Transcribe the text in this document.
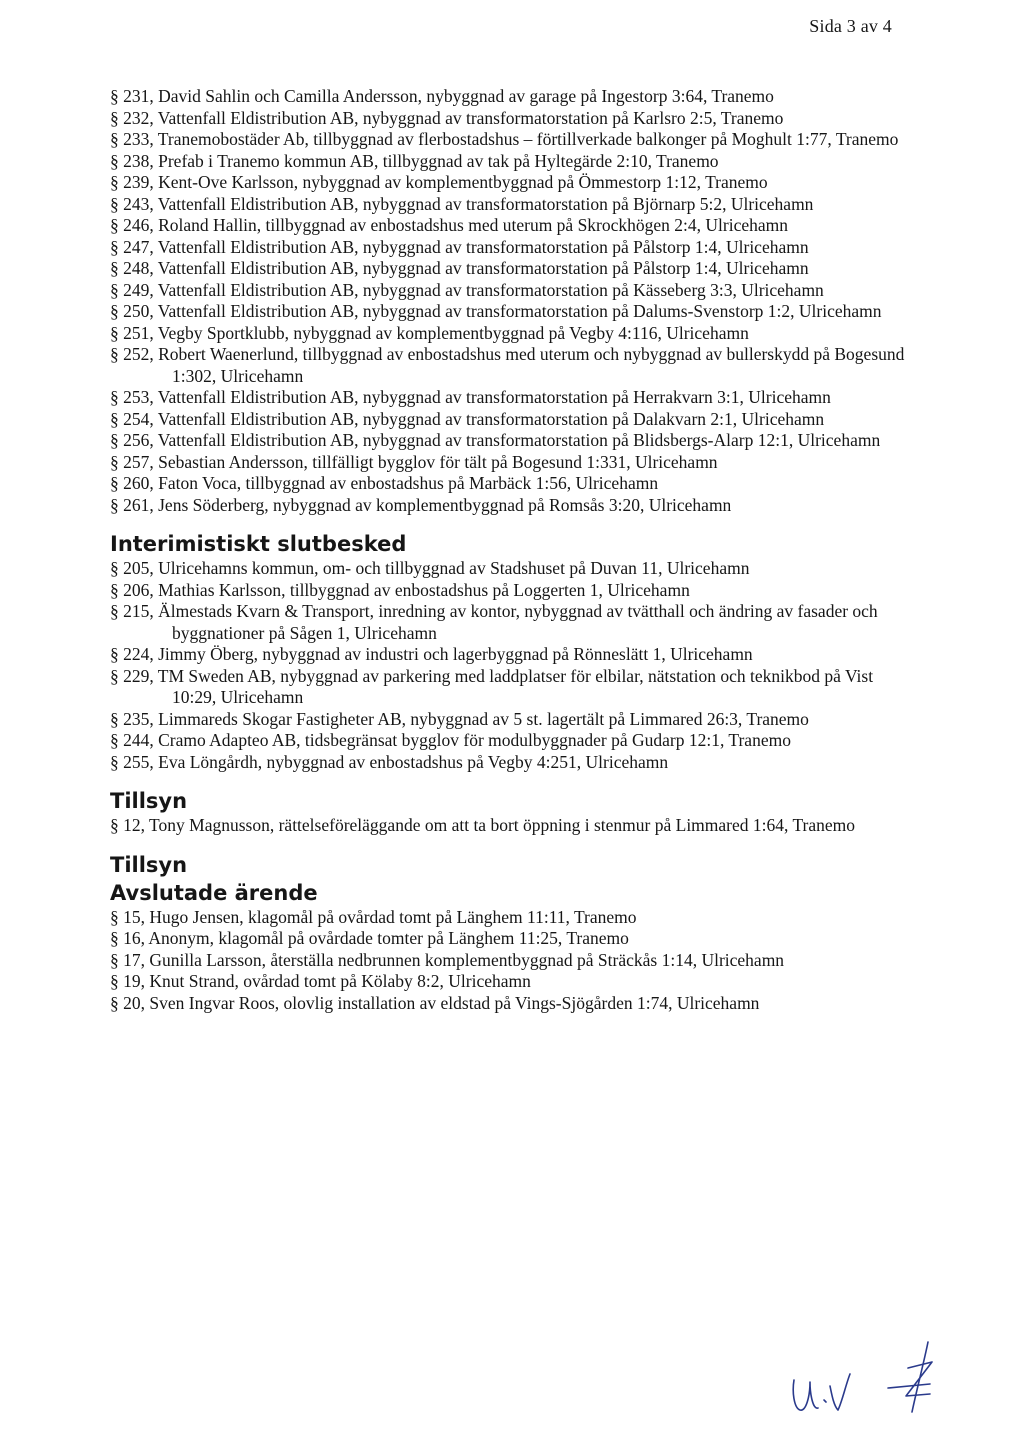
Sida 3 av 4

§ 231, David Sahlin och Camilla Andersson, nybyggnad av garage på Ingestorp 3:64, Tranemo

§ 232, Vattenfall Eldistribution AB, nybyggnad av transformatorstation på Karlsro 2:5, Tranemo

§ 233, Tranemobostäder Ab, tillbyggnad av flerbostadshus – förtillverkade balkonger på Moghult 1:77, Tranemo

§ 238, Prefab i Tranemo kommun AB, tillbyggnad av tak på Hyltegärde 2:10, Tranemo

§ 239, Kent-Ove Karlsson, nybyggnad av komplementbyggnad på Ömmestorp 1:12, Tranemo

§ 243, Vattenfall Eldistribution AB, nybyggnad av transformatorstation på Björnarp 5:2, Ulricehamn

§ 246, Roland Hallin, tillbyggnad av enbostadshus med uterum på Skrockhögen 2:4, Ulricehamn

§ 247, Vattenfall Eldistribution AB, nybyggnad av transformatorstation på Pålstorp 1:4, Ulricehamn

§ 248, Vattenfall Eldistribution AB, nybyggnad av transformatorstation på Pålstorp 1:4, Ulricehamn

§ 249, Vattenfall Eldistribution AB, nybyggnad av transformatorstation på Kässeberg 3:3, Ulricehamn

§ 250, Vattenfall Eldistribution AB, nybyggnad av transformatorstation på Dalums-Svenstorp 1:2, Ulricehamn

§ 251, Vegby Sportklubb, nybyggnad av komplementbyggnad på Vegby 4:116, Ulricehamn

§ 252, Robert Waenerlund, tillbyggnad av enbostadshus med uterum och nybyggnad av bullerskydd på Bogesund 1:302, Ulricehamn

§ 253, Vattenfall Eldistribution AB, nybyggnad av transformatorstation på Herrakvarn 3:1, Ulricehamn

§ 254, Vattenfall Eldistribution AB, nybyggnad av transformatorstation på Dalakvarn 2:1, Ulricehamn

§ 256, Vattenfall Eldistribution AB, nybyggnad av transformatorstation på Blidsbergs-Alarp 12:1, Ulricehamn

§ 257, Sebastian Andersson, tillfälligt bygglov för tält på Bogesund 1:331, Ulricehamn

§ 260, Faton Voca, tillbyggnad av enbostadshus på Marbäck 1:56, Ulricehamn

§ 261, Jens Söderberg, nybyggnad av komplementbyggnad på Romsås 3:20, Ulricehamn

Interimistiskt slutbesked

§ 205, Ulricehamns kommun, om- och tillbyggnad av Stadshuset på Duvan 11, Ulricehamn

§ 206, Mathias Karlsson, tillbyggnad av enbostadshus på Loggerten 1, Ulricehamn

§ 215, Älmestads Kvarn & Transport, inredning av kontor, nybyggnad av tvätthall och ändring av fasader och byggnationer på Sågen 1, Ulricehamn

§ 224, Jimmy Öberg, nybyggnad av industri och lagerbyggnad på Rönneslätt 1, Ulricehamn

§ 229, TM Sweden AB, nybyggnad av parkering med laddplatser för elbilar, nätstation och teknikbod på Vist 10:29, Ulricehamn

§ 235, Limmareds Skogar Fastigheter AB, nybyggnad av 5 st. lagertält på Limmared 26:3, Tranemo

§ 244, Cramo Adapteo AB, tidsbegränsat bygglov för modulbyggnader på Gudarp 12:1, Tranemo

§ 255, Eva Löngårdh, nybyggnad av enbostadshus på Vegby 4:251, Ulricehamn

Tillsyn

§ 12, Tony Magnusson, rättelseföreläggande om att ta bort öppning i stenmur på Limmared 1:64, Tranemo

Tillsyn
Avslutade ärende

§ 15, Hugo Jensen, klagomål på ovårdad tomt på Länghem 11:11, Tranemo

§ 16, Anonym, klagomål på ovårdade tomter på Länghem 11:25, Tranemo

§ 17, Gunilla Larsson, återställa nedbrunnen komplementbyggnad på Sträckås 1:14, Ulricehamn

§ 19, Knut Strand, ovårdad tomt på Kölaby 8:2, Ulricehamn

§ 20, Sven Ingvar Roos, olovlig installation av eldstad på Vings-Sjögården 1:74, Ulricehamn
